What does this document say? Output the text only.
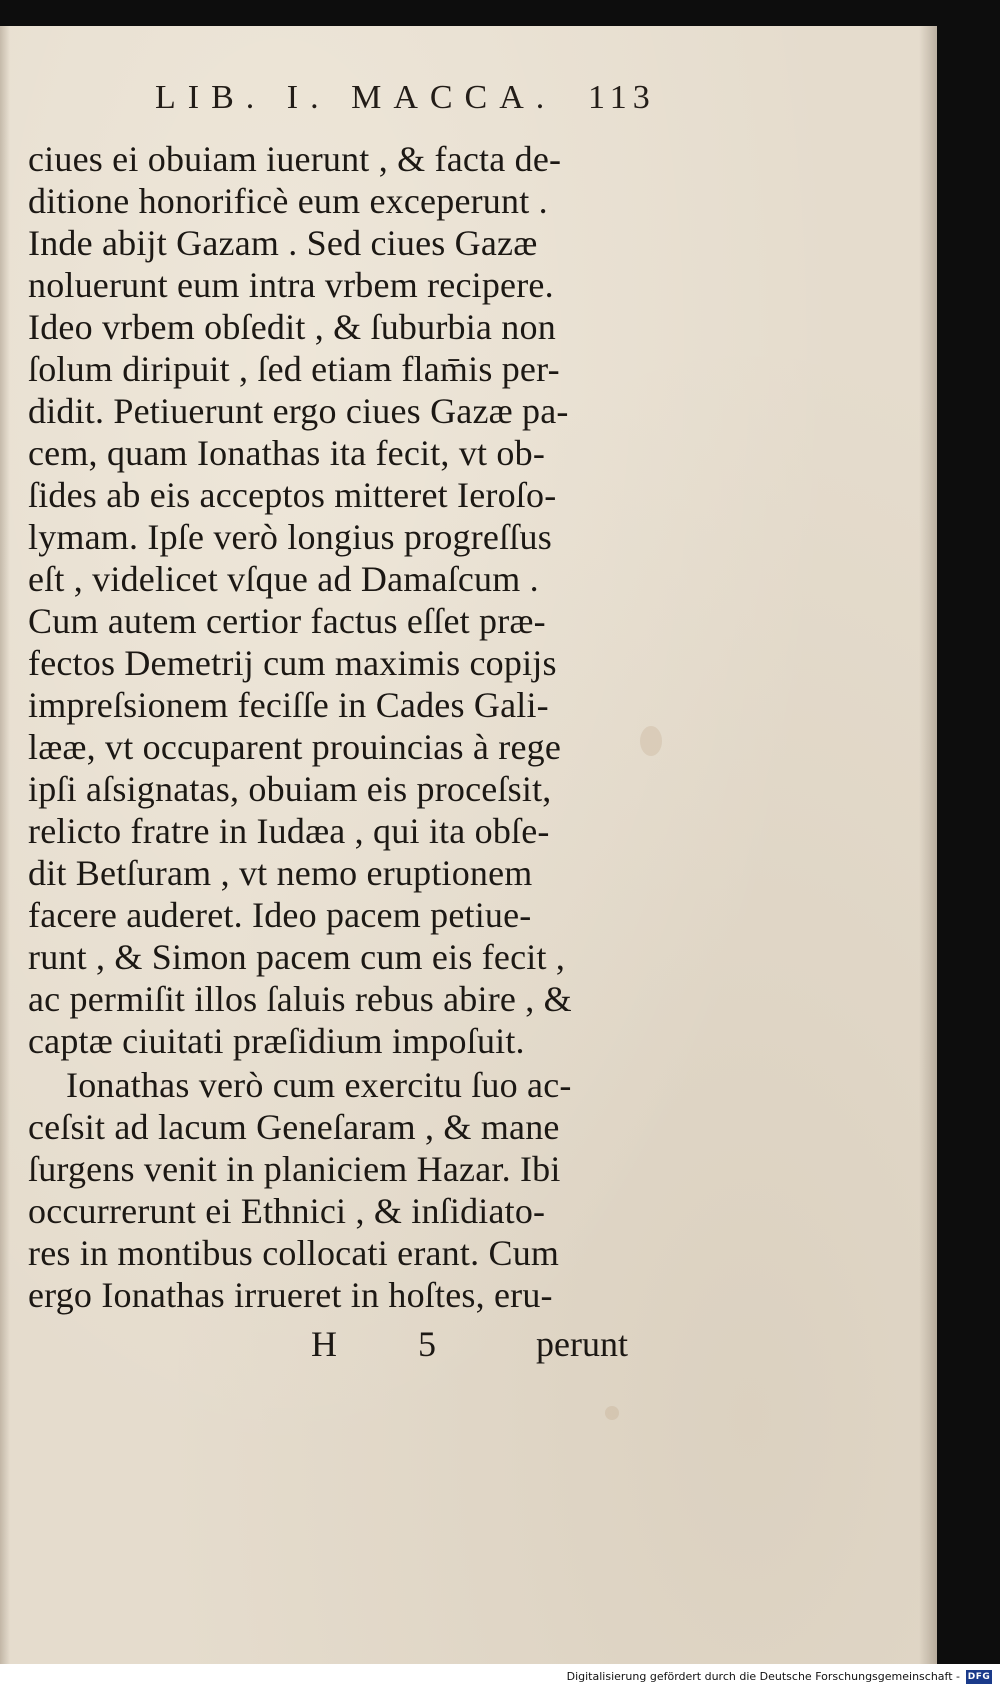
LIB. I. MACCA. 113
ciues ei obuiam iuerunt , & facta de-
ditione honorificè eum exceperunt .
Inde abijt Gazam . Sed ciues Gazæ
noluerunt eum intra vrbem recipere.
Ideo vrbem obſedit , & ſuburbia non
ſolum diripuit , ſed etiam flam̄is per-
didit. Petiuerunt ergo ciues Gazæ pa-
cem, quam Ionathas ita fecit, vt ob-
ſides ab eis acceptos mitteret Ieroſo-
lymam. Ipſe verò longius progreſſus
eſt , videlicet vſque ad Damaſcum .
Cum autem certior factus eſſet præ-
fectos Demetrij cum maximis copijs
impreſsionem feciſſe in Cades Gali-
lææ, vt occuparent prouincias à rege
ipſi aſsignatas, obuiam eis proceſsit,
relicto fratre in Iudæa , qui ita obſe-
dit Betſuram , vt nemo eruptionem
facere auderet. Ideo pacem petiue-
runt , & Simon pacem cum eis fecit ,
ac permiſit illos ſaluis rebus abire , &
captæ ciuitati præſidium impoſuit.
Ionathas verò cum exercitu ſuo ac-
ceſsit ad lacum Geneſaram , & mane
ſurgens venit in planiciem Hazar. Ibi
occurrerunt ei Ethnici , & inſidiato-
res in montibus collocati erant. Cum
ergo Ionathas irrueret in hoſtes, eru-
H 5 perunt
Digitalisierung gefördert durch die Deutsche Forschungsgemeinschaft - DFG
